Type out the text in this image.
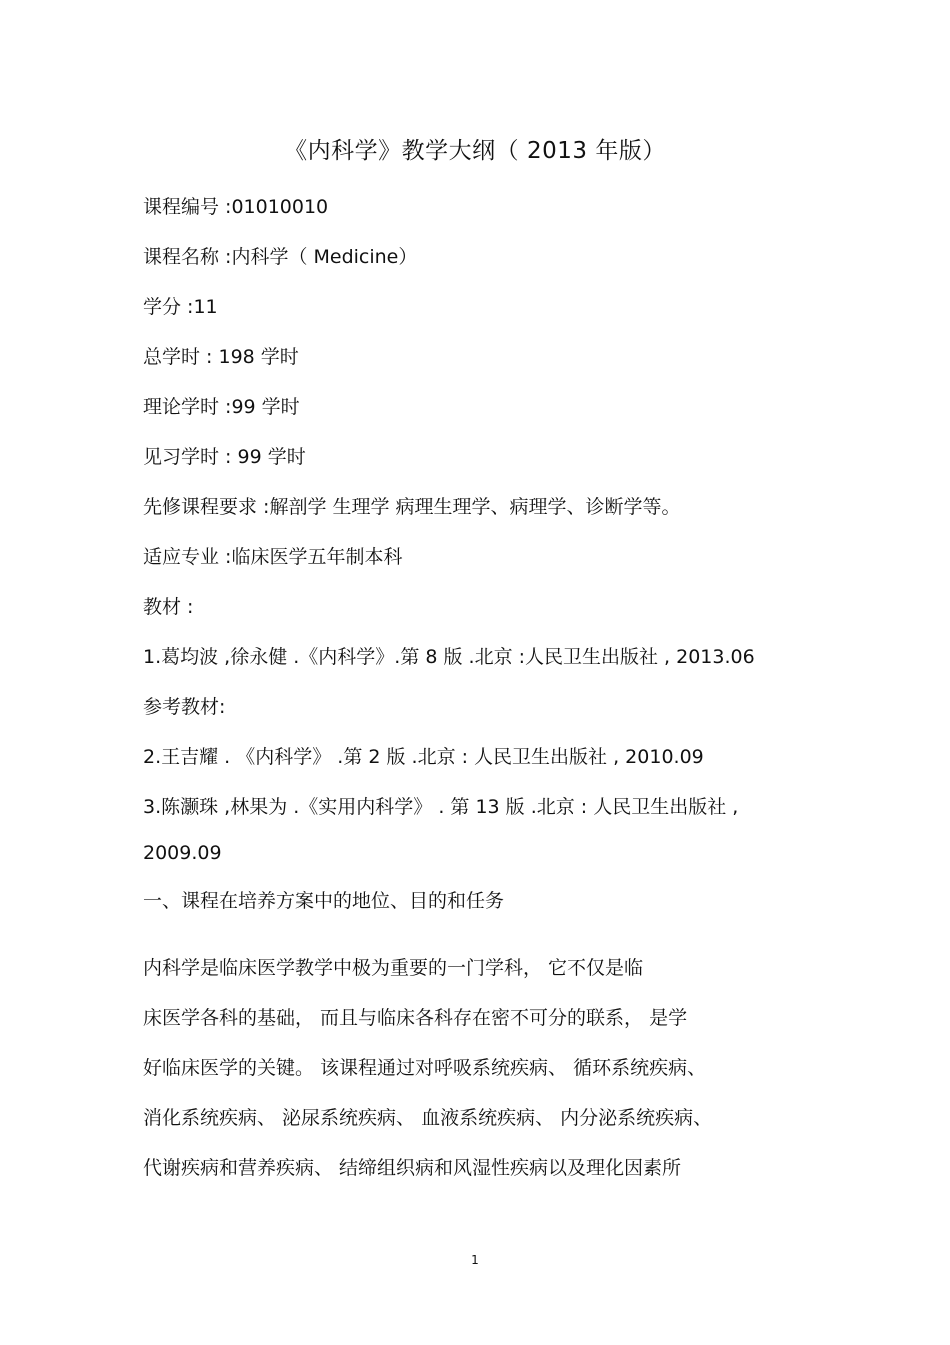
《内科学》教学大纲（ 2013 年版）
课程编号 :01010010
课程名称 :内科学（ Medicine）
学分 :11
总学时 : 198 学时
理论学时 :99 学时
见习学时 : 99 学时
先修课程要求 :解剖学 生理学 病理生理学、病理学、诊断学等。
适应专业 :临床医学五年制本科
教材 :
1.葛均波 ,徐永健 .《内科学》.第 8 版 .北京 :人民卫生出版社 , 2013.06
参考教材:
2.王吉耀 . 《内科学》 .第 2 版 .北京 : 人民卫生出版社 , 2010.09
3.陈灏珠 ,林果为 .《实用内科学》 . 第 13 版 .北京 : 人民卫生出版社 ,
2009.09
一、课程在培养方案中的地位、目的和任务
内科学是临床医学教学中极为重要的一门学科， 它不仅是临
床医学各科的基础， 而且与临床各科存在密不可分的联系， 是学
好临床医学的关键。 该课程通过对呼吸系统疾病、 循环系统疾病、
消化系统疾病、 泌尿系统疾病、 血液系统疾病、 内分泌系统疾病、
代谢疾病和营养疾病、 结缔组织病和风湿性疾病以及理化因素所
1
